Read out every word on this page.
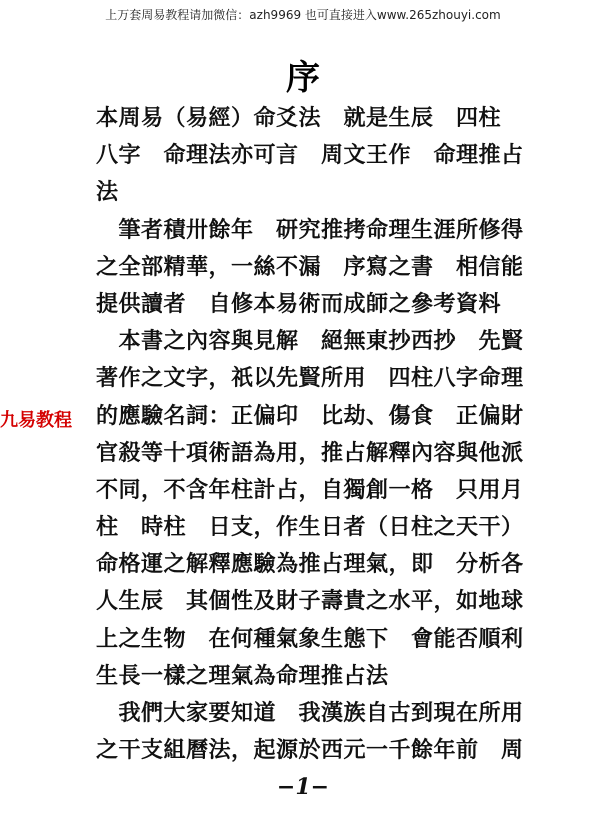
上万套周易教程请加微信：azh9969 也可直接进入www.265zhouyi.com
序
本周易（易經）命爻法　就是生辰　四柱
八字　命理法亦可言　周文王作　命理推占
法
　筆者積卅餘年　研究推拷命理生涯所修得
之全部精華，一絲不漏　序寫之書　相信能
提供讀者　自修本易術而成師之參考資料
　本書之內容與見解　絕無東抄西抄　先賢
著作之文字，祇以先賢所用　四柱八字命理
的應驗名詞：正偏印　比劫、傷食　正偏財
官殺等十項術語為用，推占解釋內容與他派
不同，不含年柱計占，自獨創一格　只用月
柱　時柱　日支，作生日者（日柱之天干）
命格運之解釋應驗為推占理氣，即　分析各
人生辰　其個性及財子壽貴之水平，如地球
上之生物　在何種氣象生態下　會能否順利
生長一樣之理氣為命理推占法
　我們大家要知道　我漢族自古到現在所用
之干支組曆法，起源於西元一千餘年前　周
九易教程
−1−
